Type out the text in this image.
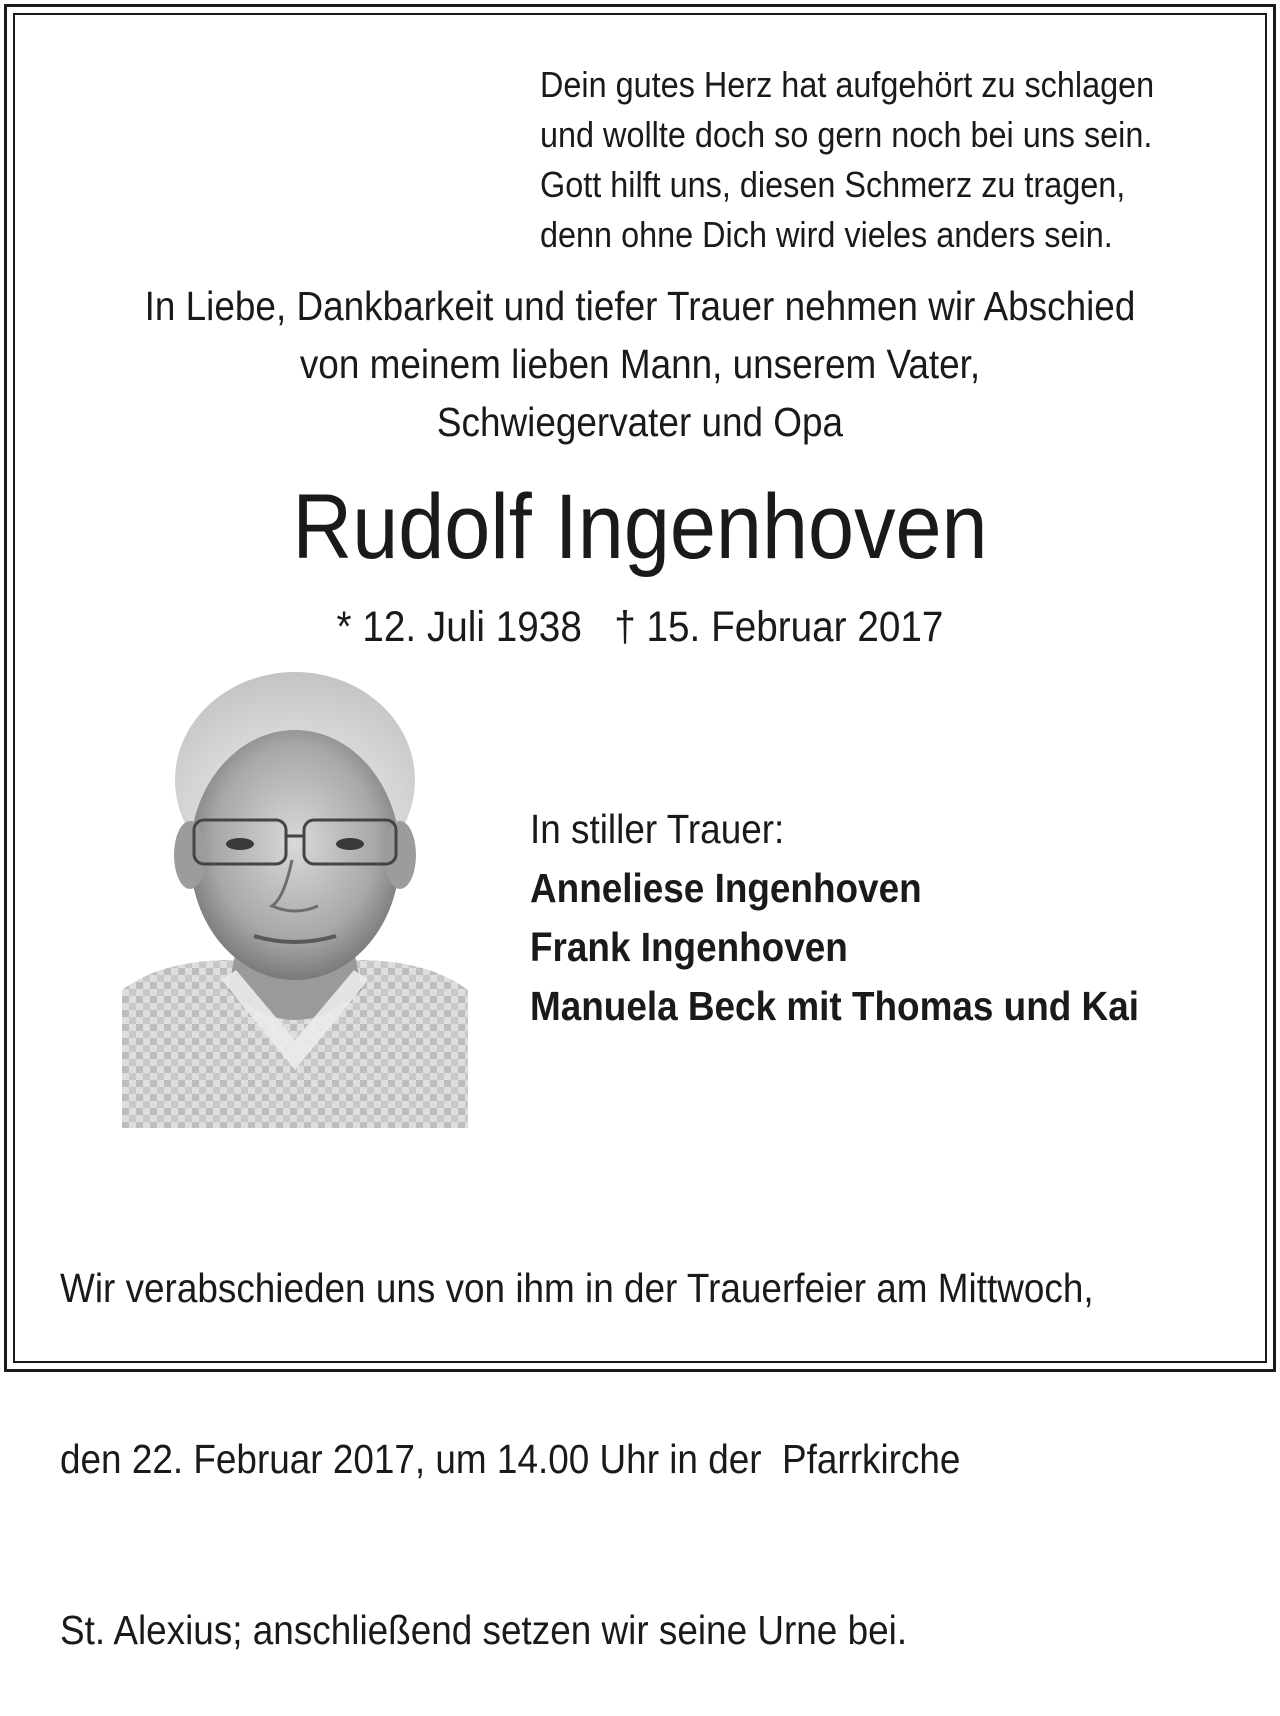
Dein gutes Herz hat aufgehört zu schlagen
und wollte doch so gern noch bei uns sein.
Gott hilft uns, diesen Schmerz zu tragen,
denn ohne Dich wird vieles anders sein.
In Liebe, Dankbarkeit und tiefer Trauer nehmen wir Abschied
von meinem lieben Mann, unserem Vater,
Schwiegervater und Opa
Rudolf Ingenhoven
* 12. Juli 1938 † 15. Februar 2017
In stiller Trauer:
Anneliese Ingenhoven
Frank Ingenhoven
Manuela Beck mit Thomas und Kai

Wir verabschieden uns von ihm in der Trauerfeier am Mittwoch,

den 22. Februar 2017, um 14.00 Uhr in der  Pfarrkirche

St. Alexius; anschließend setzen wir seine Urne bei.
